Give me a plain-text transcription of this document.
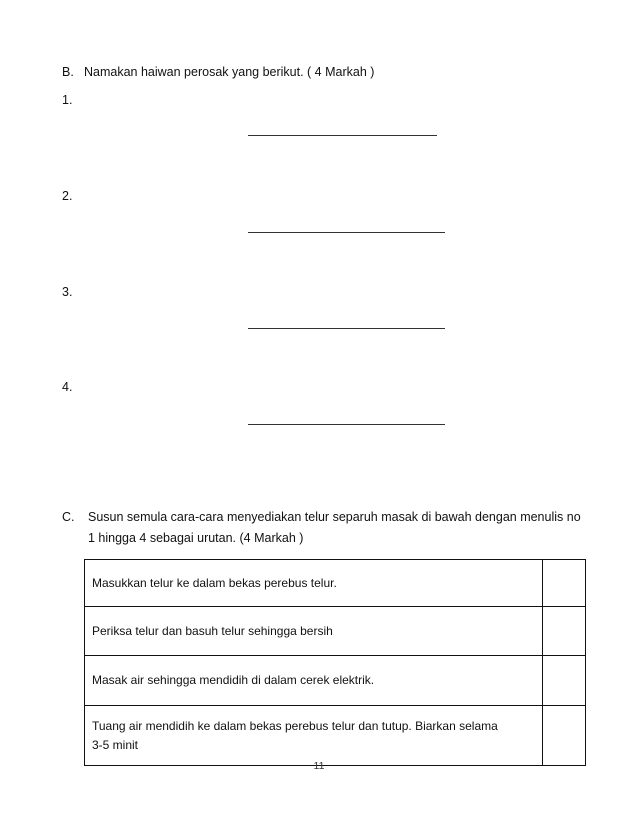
B. Namakan haiwan perosak yang berikut. ( 4 Markah )
1.
2.
3.
4.
C. Susun semula cara-cara menyediakan telur separuh masak di bawah dengan menulis no
1 hingga 4 sebagai urutan. (4 Markah )
Masukkan telur ke dalam bekas perebus telur.	
Periksa telur dan basuh telur sehingga bersih	
Masak air sehingga mendidih di dalam cerek elektrik.	

Tuang air mendidih ke dalam bekas perebus telur dan tutup. Biarkan selama
3-5 minit	

11
